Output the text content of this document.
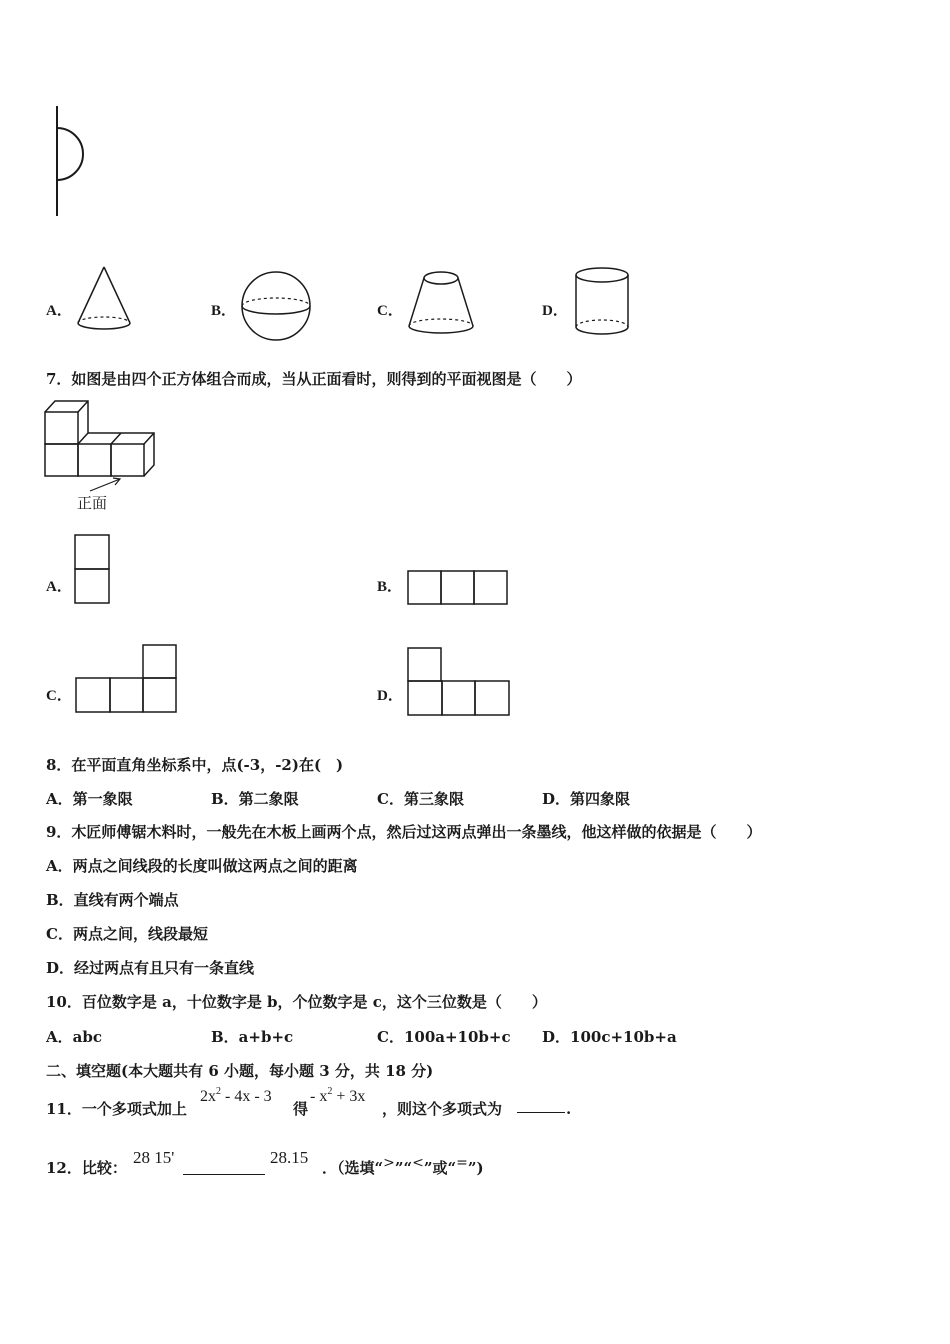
A．	B．	C．	D．
7．如图是由四个正方体组合而成，当从正面看时，则得到的平面视图是（　　）
正面
A．	B．
C．	D．
8．在平面直角坐标系中，点(-3，-2)在(　)
A．第一象限	B．第二象限	C．第三象限	D．第四象限
9．木匠师傅锯木料时，一般先在木板上画两个点，然后过这两点弹出一条墨线，他这样做的依据是（　　）
A．两点之间线段的长度叫做这两点之间的距离
B．直线有两个端点
C．两点之间，线段最短
D．经过两点有且只有一条直线
10．百位数字是 a，十位数字是 b，个位数字是 c，这个三位数是（　　）
A．abc	B．a+b+c	C．100a+10b+c D．100c+10b+a
二、填空题(本大题共有 6 小题，每小题 3 分，共 18 分)
11．一个多项式加上
$2x^2 - 4x - 3$
得
- $x^2 + 3x$
，则这个多项式为	.
12．比较：
28 15'	28.15
．（选填“>”“<”或“=”)
